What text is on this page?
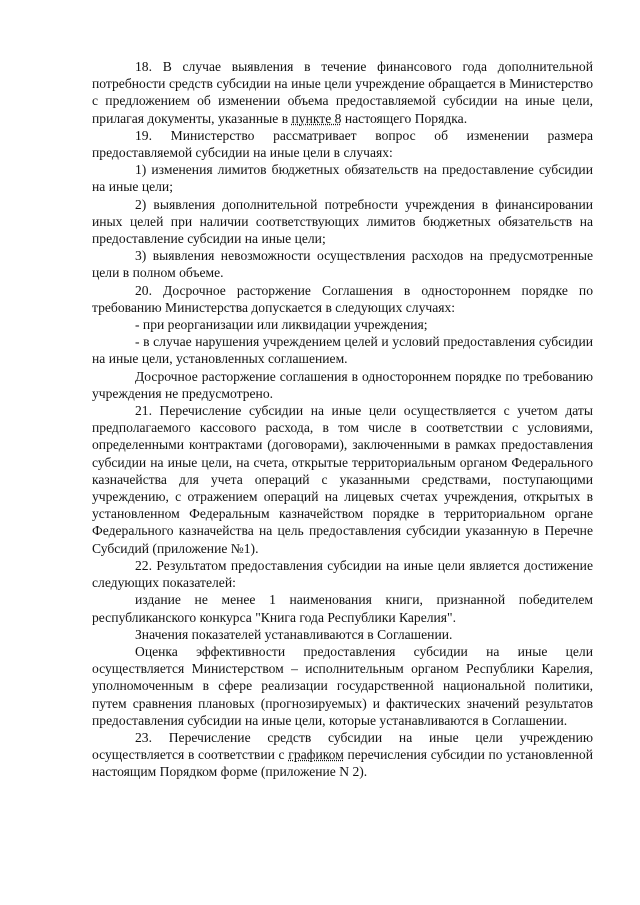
18. В случае выявления в течение финансового года дополнительной потребности средств субсидии на иные цели учреждение обращается в Министерство с предложением об изменении объема предоставляемой субсидии на иные цели, прилагая документы, указанные в пункте 8 настоящего Порядка.

19. Министерство рассматривает вопрос об изменении размера предоставляемой субсидии на иные цели в случаях:

1) изменения лимитов бюджетных обязательств на предоставление субсидии на иные цели;

2) выявления дополнительной потребности учреждения в финансировании иных целей при наличии соответствующих лимитов бюджетных обязательств на предоставление субсидии на иные цели;

3) выявления невозможности осуществления расходов на предусмотренные цели в полном объеме.

20. Досрочное расторжение Соглашения в одностороннем порядке по требованию Министерства допускается в следующих случаях:

- при реорганизации или ликвидации учреждения;

- в случае нарушения учреждением целей и условий предоставления субсидии на иные цели, установленных соглашением.

Досрочное расторжение соглашения в одностороннем порядке по требованию учреждения не предусмотрено.

21. Перечисление субсидии на иные цели осуществляется с учетом даты предполагаемого кассового расхода, в том числе в соответствии с условиями, определенными контрактами (договорами), заключенными в рамках предоставления субсидии на иные цели, на счета, открытые территориальным органом Федерального казначейства для учета операций с указанными средствами, поступающими учреждению, с отражением операций на лицевых счетах учреждения, открытых в установленном Федеральным казначейством порядке в территориальном органе Федерального казначейства на цель предоставления субсидии указанную в Перечне Субсидий (приложение №1).

22. Результатом предоставления субсидии на иные цели является достижение следующих показателей:

издание не менее 1 наименования книги, признанной победителем республиканского конкурса "Книга года Республики Карелия".

Значения показателей устанавливаются в Соглашении.

Оценка эффективности предоставления субсидии на иные цели осуществляется Министерством – исполнительным органом Республики Карелия, уполномоченным в сфере реализации государственной национальной политики, путем сравнения плановых (прогнозируемых) и фактических значений результатов предоставления субсидии на иные цели, которые устанавливаются в Соглашении.

23. Перечисление средств субсидии на иные цели учреждению осуществляется в соответствии с графиком перечисления субсидии по установленной настоящим Порядком форме (приложение N 2).
